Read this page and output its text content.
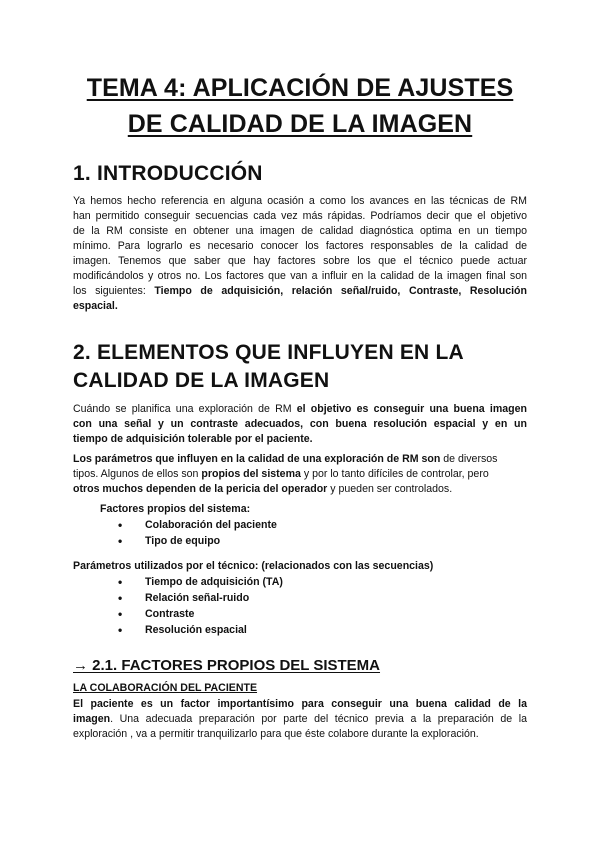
TEMA 4: APLICACIÓN DE AJUSTES
DE CALIDAD DE LA IMAGEN
1. INTRODUCCIÓN
Ya hemos hecho referencia en alguna ocasión a como los avances en las técnicas de RM
han permitido conseguir secuencias cada vez más rápidas. Podríamos decir que el objetivo
de la RM consiste en obtener una imagen de calidad diagnóstica optima en un tiempo
mínimo. Para lograrlo es necesario conocer los factores responsables de la calidad de
imagen. Tenemos que saber que hay factores sobre los que el técnico puede actuar
modificándolos y otros no. Los factores que van a influir en la calidad de la imagen final son
los siguientes: Tiempo de adquisición, relación señal/ruido, Contraste, Resolución
espacial.
2. ELEMENTOS QUE INFLUYEN EN LA
CALIDAD DE LA IMAGEN
Cuándo se planifica una exploración de RM el objetivo es conseguir una buena imagen
con una señal y un contraste adecuados, con buena resolución espacial y en un
tiempo de adquisición tolerable por el paciente.
Los parámetros que influyen en la calidad de una exploración de RM son de diversos
tipos. Algunos de ellos son propios del sistema y por lo tanto difíciles de controlar, pero
otros muchos dependen de la pericia del operador y pueden ser controlados.
Factores propios del sistema:
• Colaboración del paciente
• Tipo de equipo
Parámetros utilizados por el técnico: (relacionados con las secuencias)
• Tiempo de adquisición (TA)
• Relación señal-ruido
• Contraste
• Resolución espacial
→ 2.1. FACTORES PROPIOS DEL SISTEMA
LA COLABORACIÓN DEL PACIENTE
El paciente es un factor importantísimo para conseguir una buena calidad de la
imagen. Una adecuada preparación por parte del técnico previa a la preparación de la
exploración , va a permitir tranquilizarlo para que éste colabore durante la exploración.
